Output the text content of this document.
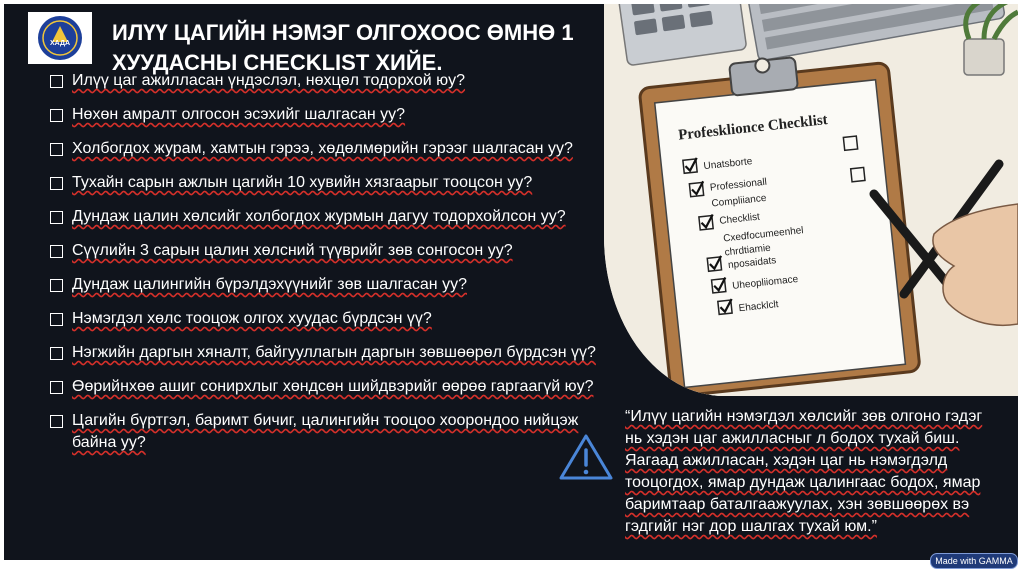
ХАДА ИЛҮҮ ЦАГИЙН НЭМЭГ ОЛГОХООС ӨМНӨ 1 ХУУДАСНЫ CHECKLIST ХИЙЕ.
Илүү цаг ажилласан үндэслэл, нөхцөл тодорхой юу?
Нөхөн амралт олгосон эсэхийг шалгасан уу?
Холбогдох журам, хамтын гэрээ, хөдөлмөрийн гэрээг шалгасан уу?
Тухайн сарын ажлын цагийн 10 хувийн хязгаарыг тооцсон уу?
Дундаж цалин хөлсийг холбогдох журмын дагуу тодорхойлсон уу?
Сүүлийн 3 сарын цалин хөлсний түүврийг зөв сонгосон уу?
Дундаж цалингийн бүрэлдэхүүнийг зөв шалгасан уу?
Нэмэгдэл хөлс тооцож олгох хуудас бүрдсэн үү?
Нэгжийн даргын хяналт, байгууллагын даргын зөвшөөрөл бүрдсэн үү?
Өөрийнхөө ашиг сонирхлыг хөндсөн шийдвэрийг өөрөө гаргаагүй юу?
Цагийн бүртгэл, баримт бичиг, цалингийн тооцоо хоорондоо нийцэж байна уу?
Profesklionce Checklist
Unatsborte
Professionall
Compliiance
Checklist
Cxedfocumeenhel
chrdtiamie
nposaidats
Uheopliiomace
Ehacklclt

“Илүү цагийн нэмэгдэл хөлсийг зөв олгоно гэдэг нь хэдэн цаг ажилласныг л бодох тухай биш. Яагаад ажилласан, хэдэн цаг нь нэмэгдэлд тооцогдох, ямар дундаж цалингаас бодох, ямар баримтаар баталгаажуулах, хэн зөвшөөрөх вэ гэдгийг нэг дор шалгах тухай юм.”

Made with GAMMA
